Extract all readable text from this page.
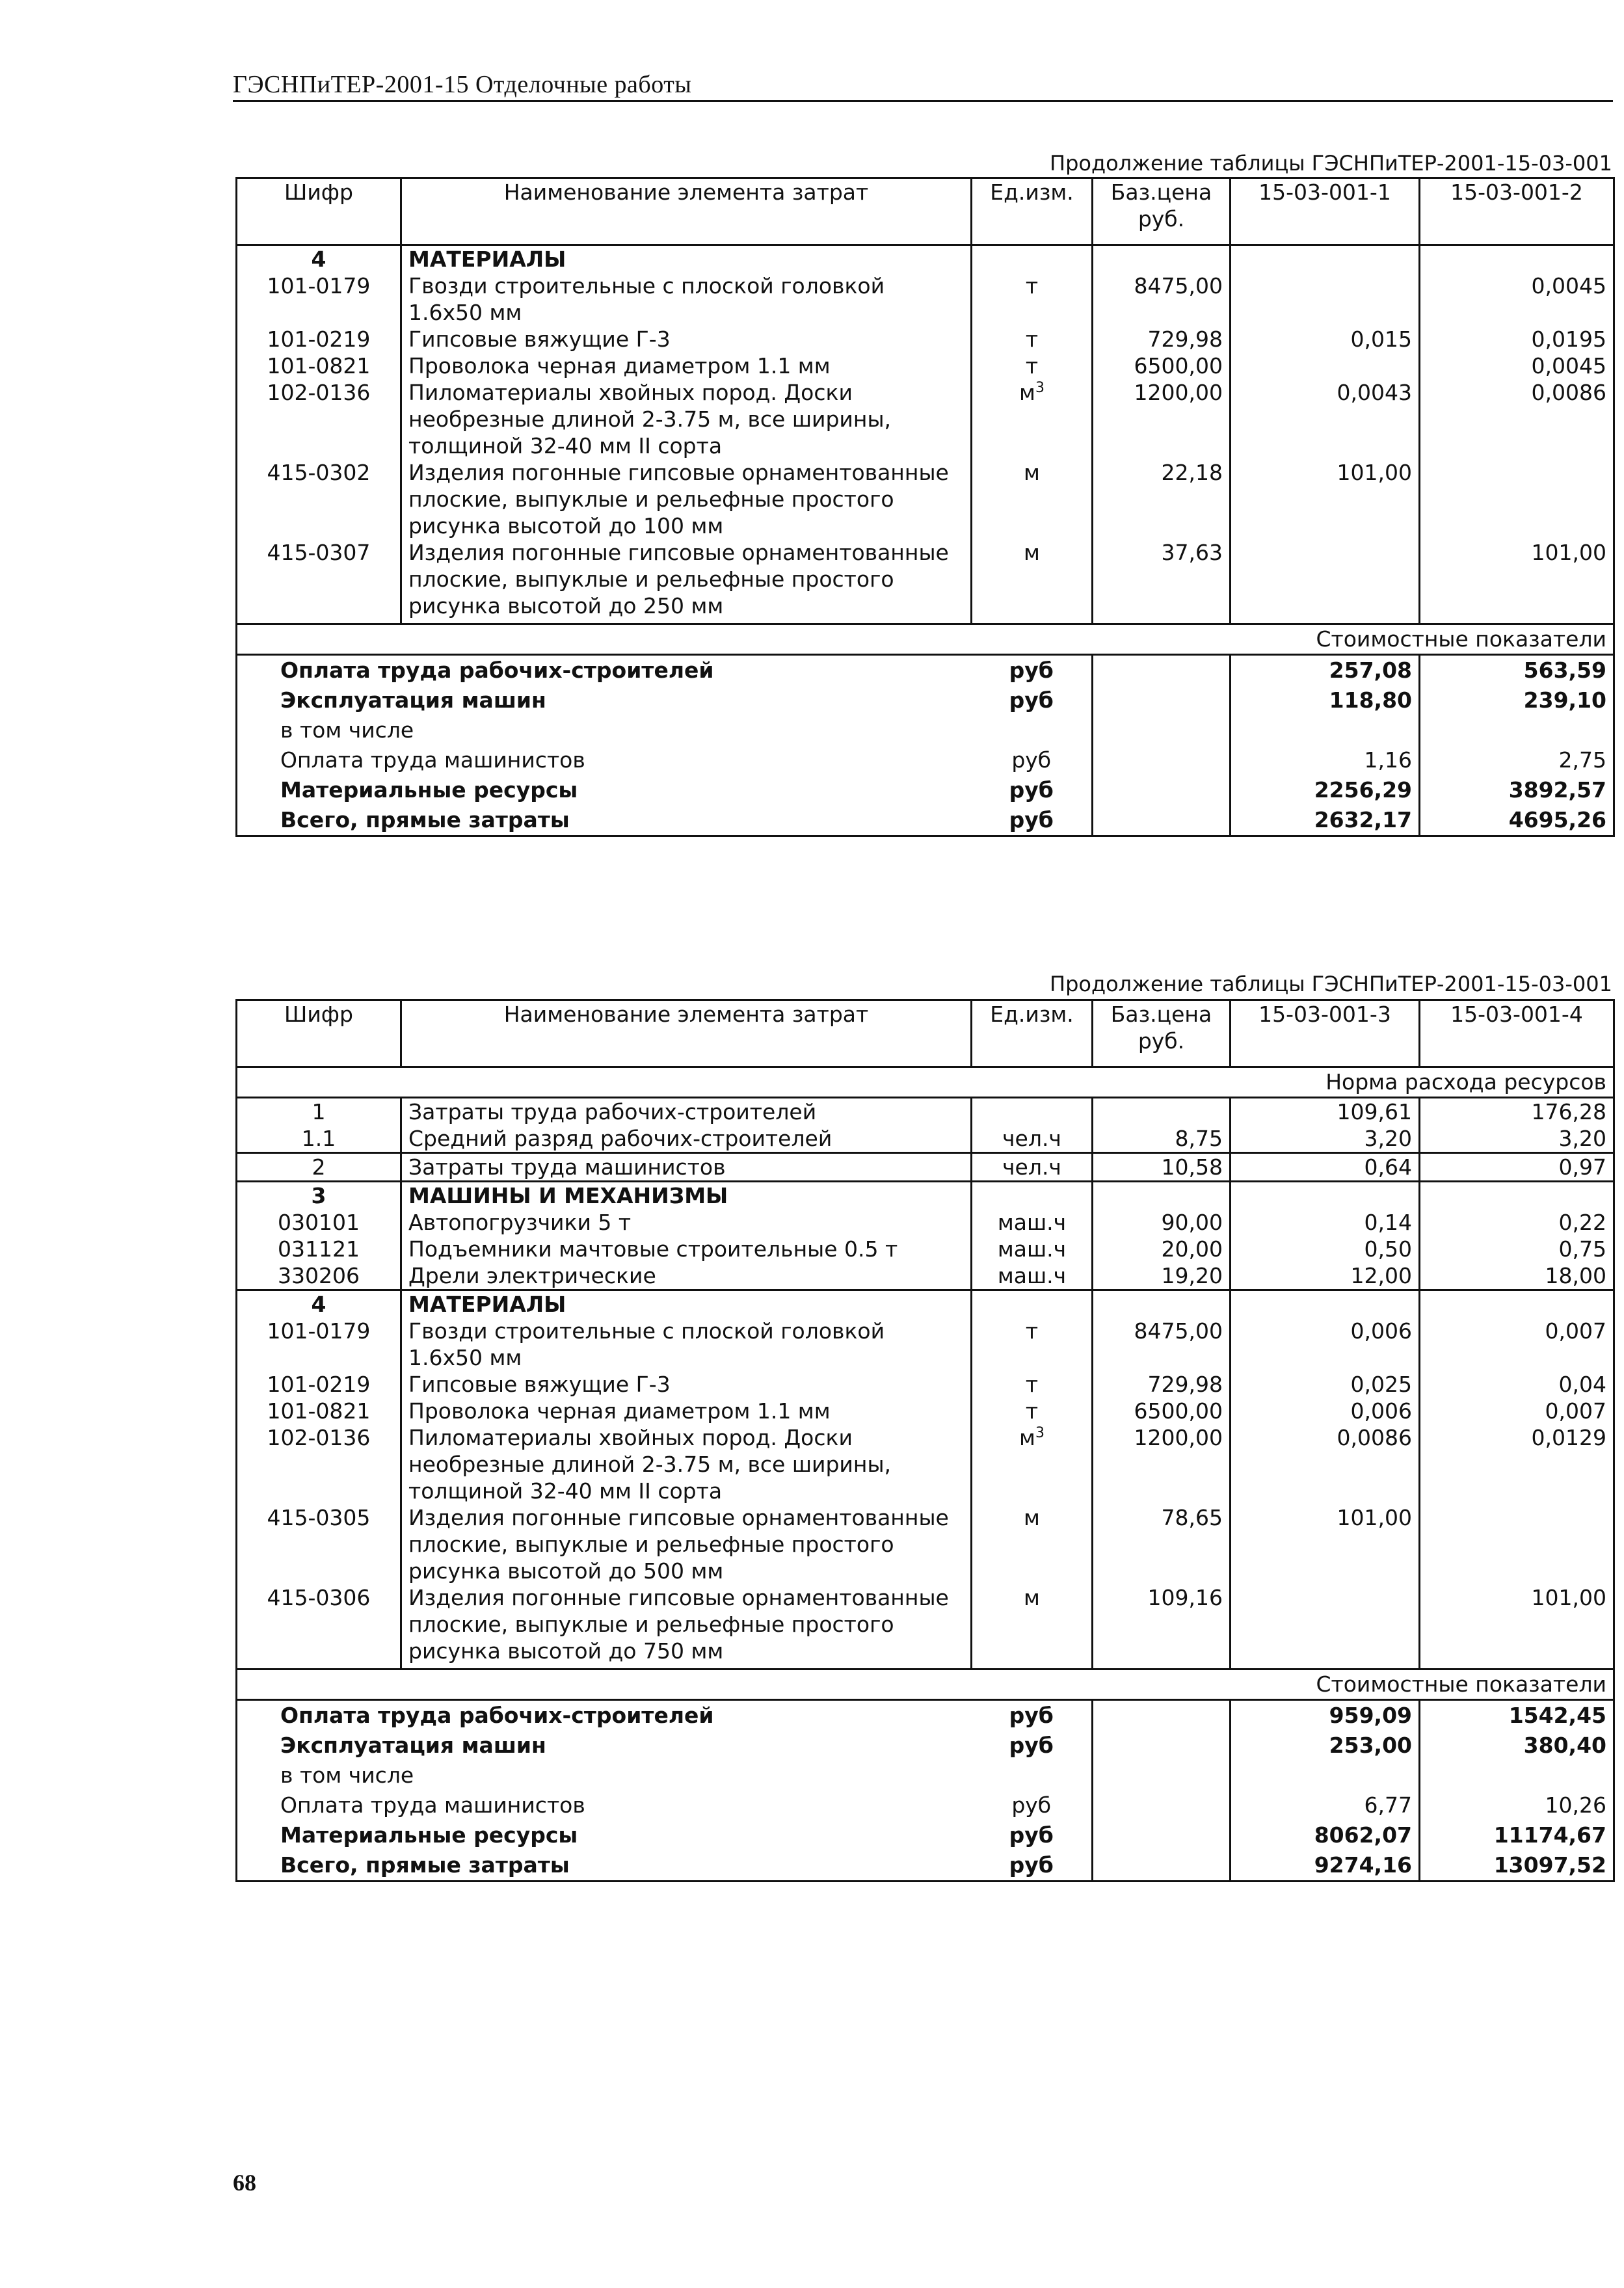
ГЭСНПиТЕР-2001-15 Отделочные работы
Продолжение таблицы ГЭСНПиТЕР-2001-15-03-001
Шифр	Наименование элемента затрат	Ед.изм.	Баз.цена
руб.	15-03-001-1	15-03-001-2
4	МАТЕРИАЛЫ				
101-0179	Гвозди строительные с плоской головкой 1.6х50 мм	т	8475,00		0,0045
101-0219	Гипсовые вяжущие Г-3	т	729,98	0,015	0,0195
101-0821	Проволока черная диаметром 1.1 мм	т	6500,00		0,0045
102-0136	Пиломатериалы хвойных пород. Доски необрезные длиной 2-3.75 м, все ширины, толщиной 32-40 мм II сорта	$м^3$	1200,00	0,0043	0,0086
415-0302	Изделия погонные гипсовые орнаментованные плоские, выпуклые и рельефные простого рисунка высотой до 100 мм	м	22,18	101,00	
415-0307	Изделия погонные гипсовые орнаментованные плоские, выпуклые и рельефные простого рисунка высотой до 250 мм	м	37,63		101,00
Стоимостные показатели					
Оплата труда рабочих-строителей		руб		257,08	563,59
Эксплуатация машин		руб		118,80	239,10
в том числе					
Оплата труда машинистов		руб		1,16	2,75
Материальные ресурсы		руб		2256,29	3892,57
Всего, прямые затраты		руб		2632,17	4695,26
Продолжение таблицы ГЭСНПиТЕР-2001-15-03-001
Шифр	Наименование элемента затрат	Ед.изм.	Баз.цена
руб.	15-03-001-3	15-03-001-4
Норма расхода ресурсов					
1	Затраты труда рабочих-строителей			109,61	176,28
1.1	Средний разряд рабочих-строителей	чел.ч	8,75	3,20	3,20
2	Затраты труда машинистов	чел.ч	10,58	0,64	0,97
3	МАШИНЫ И МЕХАНИЗМЫ				
030101	Автопогрузчики 5 т	маш.ч	90,00	0,14	0,22
031121	Подъемники мачтовые строительные 0.5 т	маш.ч	20,00	0,50	0,75
330206	Дрели электрические	маш.ч	19,20	12,00	18,00
4	МАТЕРИАЛЫ				
101-0179	Гвозди строительные с плоской головкой 1.6х50 мм	т	8475,00	0,006	0,007
101-0219	Гипсовые вяжущие Г-3	т	729,98	0,025	0,04
101-0821	Проволока черная диаметром 1.1 мм	т	6500,00	0,006	0,007
102-0136	Пиломатериалы хвойных пород. Доски необрезные длиной 2-3.75 м, все ширины, толщиной 32-40 мм II сорта	$м^3$	1200,00	0,0086	0,0129
415-0305	Изделия погонные гипсовые орнаментованные плоские, выпуклые и рельефные простого рисунка высотой до 500 мм	м	78,65	101,00	
415-0306	Изделия погонные гипсовые орнаментованные плоские, выпуклые и рельефные простого рисунка высотой до 750 мм	м	109,16		101,00
Стоимостные показатели					
Оплата труда рабочих-строителей		руб		959,09	1542,45
Эксплуатация машин		руб		253,00	380,40
в том числе					
Оплата труда машинистов		руб		6,77	10,26
Материальные ресурсы		руб		8062,07	11174,67
Всего, прямые затраты		руб		9274,16	13097,52
68
